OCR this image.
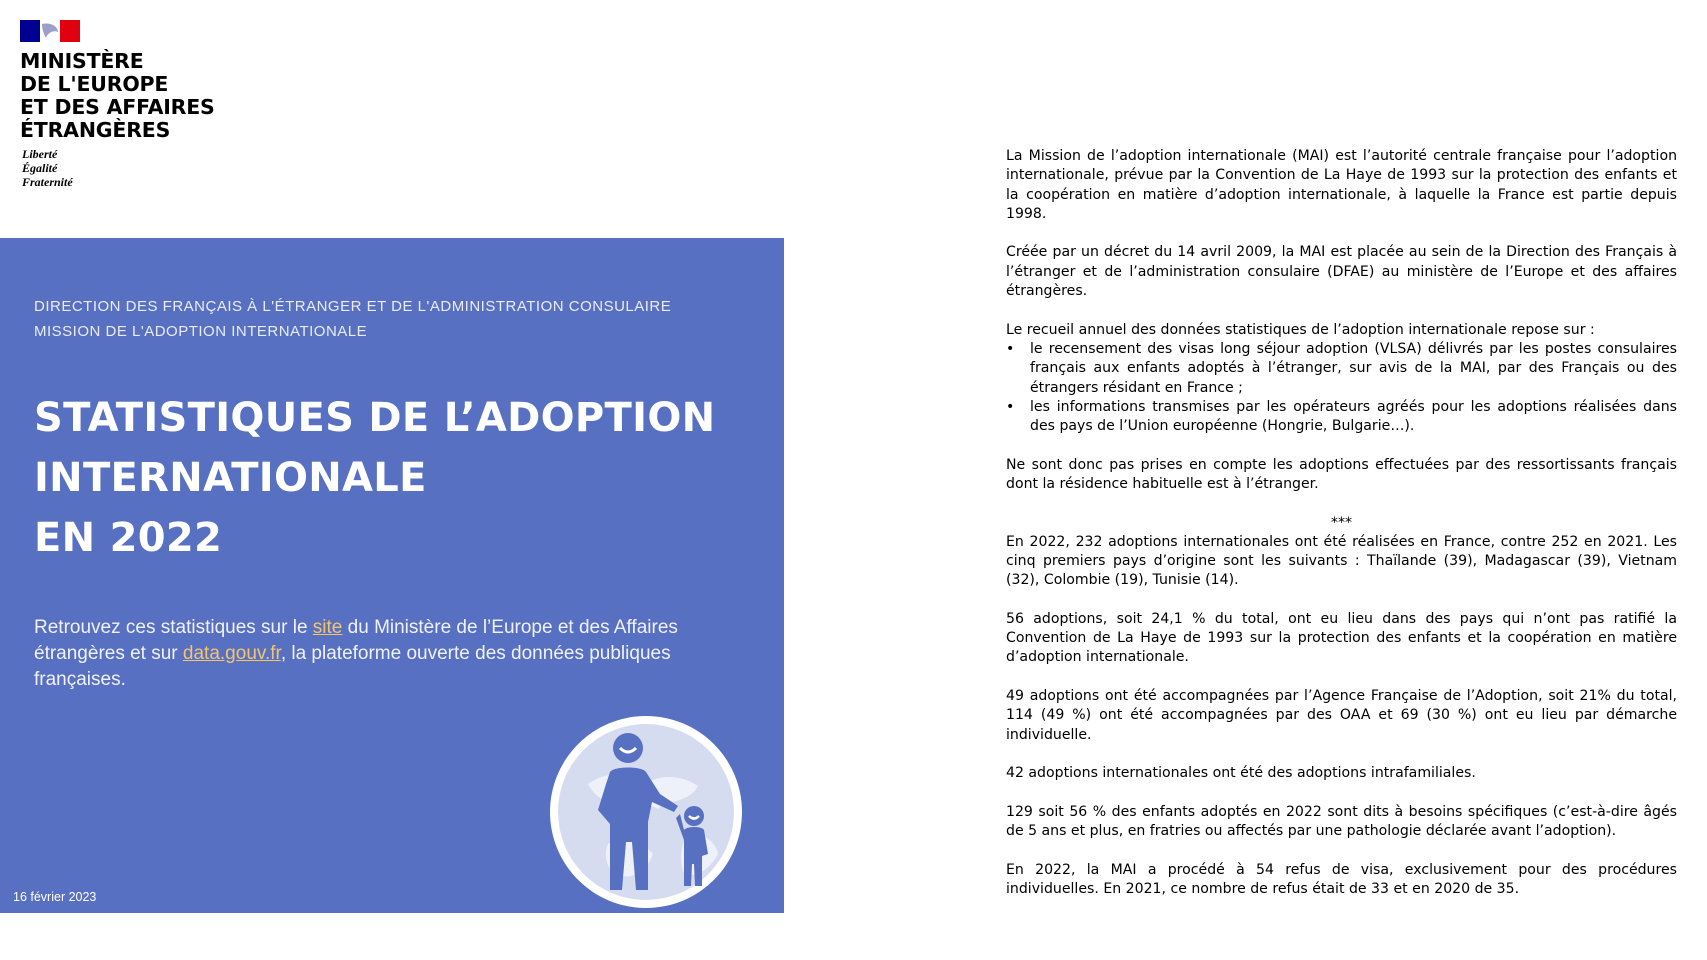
MINISTÈRE
DE L'EUROPE
ET DES AFFAIRES
ÉTRANGÈRES
Liberté
Égalité
Fraternité
DIRECTION DES FRANÇAIS À L'ÉTRANGER ET DE L'ADMINISTRATION CONSULAIRE
MISSION DE L'ADOPTION INTERNATIONALE
STATISTIQUES DE L’ADOPTION
INTERNATIONALE
EN 2022
Retrouvez ces statistiques sur le site du Ministère de l’Europe et des Affaires étrangères et sur data.gouv.fr, la plateforme ouverte des données publiques françaises.
16 février 2023

La Mission de l’adoption internationale (MAI) est l’autorité centrale française pour l’adoption internationale, prévue par la Convention de La Haye de 1993 sur la protection des enfants et la coopération en matière d’adoption internationale, à laquelle la France est partie depuis 1998.

Créée par un décret du 14 avril 2009, la MAI est placée au sein de la Direction des Français à l’étranger et de l’administration consulaire (DFAE) au ministère de l’Europe et des affaires étrangères.

Le recueil annuel des données statistiques de l’adoption internationale repose sur :

• le recensement des visas long séjour adoption (VLSA) délivrés par les postes consulaires français aux enfants adoptés à l’étranger, sur avis de la MAI, par des Français ou des étrangers résidant en France ;
• les informations transmises par les opérateurs agréés pour les adoptions réalisées dans des pays de l’Union européenne (Hongrie, Bulgarie…).

Ne sont donc pas prises en compte les adoptions effectuées par des ressortissants français dont la résidence habituelle est à l’étranger.

***

En 2022, 232 adoptions internationales ont été réalisées en France, contre 252 en 2021. Les cinq premiers pays d’origine sont les suivants : Thaïlande (39), Madagascar (39), Vietnam (32), Colombie (19), Tunisie (14).

56 adoptions, soit 24,1 % du total, ont eu lieu dans des pays qui n’ont pas ratifié la Convention de La Haye de 1993 sur la protection des enfants et la coopération en matière d’adoption internationale.

49 adoptions ont été accompagnées par l’Agence Française de l’Adoption, soit 21% du total, 114 (49 %) ont été accompagnées par des OAA et 69 (30 %) ont eu lieu par démarche individuelle.

42 adoptions internationales ont été des adoptions intrafamiliales.

129 soit 56 % des enfants adoptés en 2022 sont dits à besoins spécifiques (c’est-à-dire âgés de 5 ans et plus, en fratries ou affectés par une pathologie déclarée avant l’adoption).

En 2022, la MAI a procédé à 54 refus de visa, exclusivement pour des procédures individuelles. En 2021, ce nombre de refus était de 33 et en 2020 de 35.
